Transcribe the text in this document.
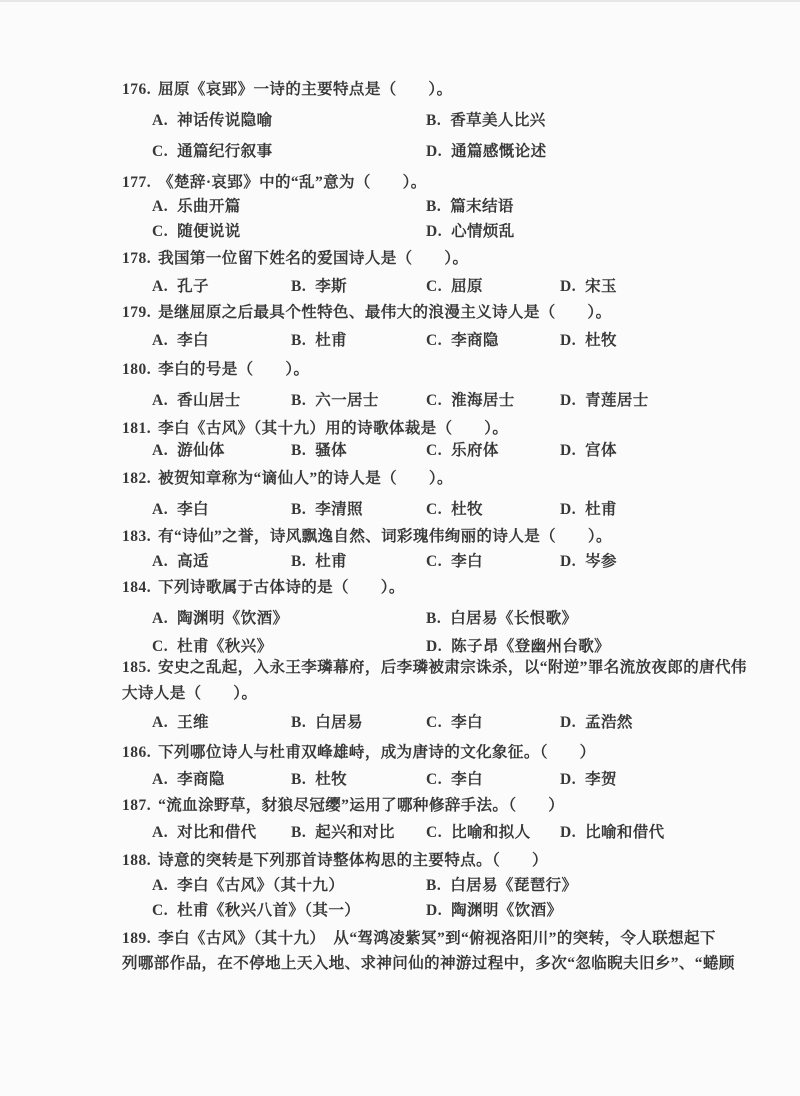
176. 屈原《哀郢》一诗的主要特点是（　　）。
A. 神话传说隐喻	B. 香草美人比兴
C. 通篇纪行叙事	D. 通篇感慨论述
177. 《楚辞·哀郢》中的“乱”意为（　　）。
A. 乐曲开篇	B. 篇末结语
C. 随便说说	D. 心情烦乱
178. 我国第一位留下姓名的爱国诗人是（　　）。
A. 孔子	B. 李斯	C. 屈原	D. 宋玉
179. 是继屈原之后最具个性特色、最伟大的浪漫主义诗人是（　　）。
A. 李白	B. 杜甫	C. 李商隐	D. 杜牧
180. 李白的号是（　　）。
A. 香山居士	B. 六一居士	C. 淮海居士	D. 青莲居士
181. 李白《古风》（其十九）用的诗歌体裁是（　　）。
A. 游仙体	B. 骚体	C. 乐府体	D. 宫体
182. 被贺知章称为“谪仙人”的诗人是（　　）。
A. 李白	B. 李清照	C. 杜牧	D. 杜甫
183. 有“诗仙”之誉，诗风飘逸自然、词彩瑰伟绚丽的诗人是（　　）。
A. 高适	B. 杜甫	C. 李白	D. 岑参
184. 下列诗歌属于古体诗的是（　　）。
A. 陶渊明《饮酒》	B. 白居易《长恨歌》
C. 杜甫《秋兴》	D. 陈子昂《登幽州台歌》
185. 安史之乱起，入永王李璘幕府，后李璘被肃宗诛杀，以“附逆”罪名流放夜郎的唐代伟
大诗人是（　　）。
A. 王维	B. 白居易	C. 李白	D. 孟浩然
186. 下列哪位诗人与杜甫双峰雄峙，成为唐诗的文化象征。（　　）
A. 李商隐	B. 杜牧	C. 李白	D. 李贺
187. “流血涂野草，豺狼尽冠缨”运用了哪种修辞手法。（　　）
A. 对比和借代 B. 起兴和对比 C. 比喻和拟人 D. 比喻和借代
188. 诗意的突转是下列那首诗整体构思的主要特点。（　　）
A. 李白《古风》（其十九）	B. 白居易《琵琶行》
C. 杜甫《秋兴八首》（其一）	D. 陶渊明《饮酒》
189. 李白《古风》（其十九）　从“驾鸿凌紫冥”到“俯视洛阳川”的突转，令人联想起下
列哪部作品，在不停地上天入地、求神问仙的神游过程中，多次“忽临睨夫旧乡”、“蜷顾
